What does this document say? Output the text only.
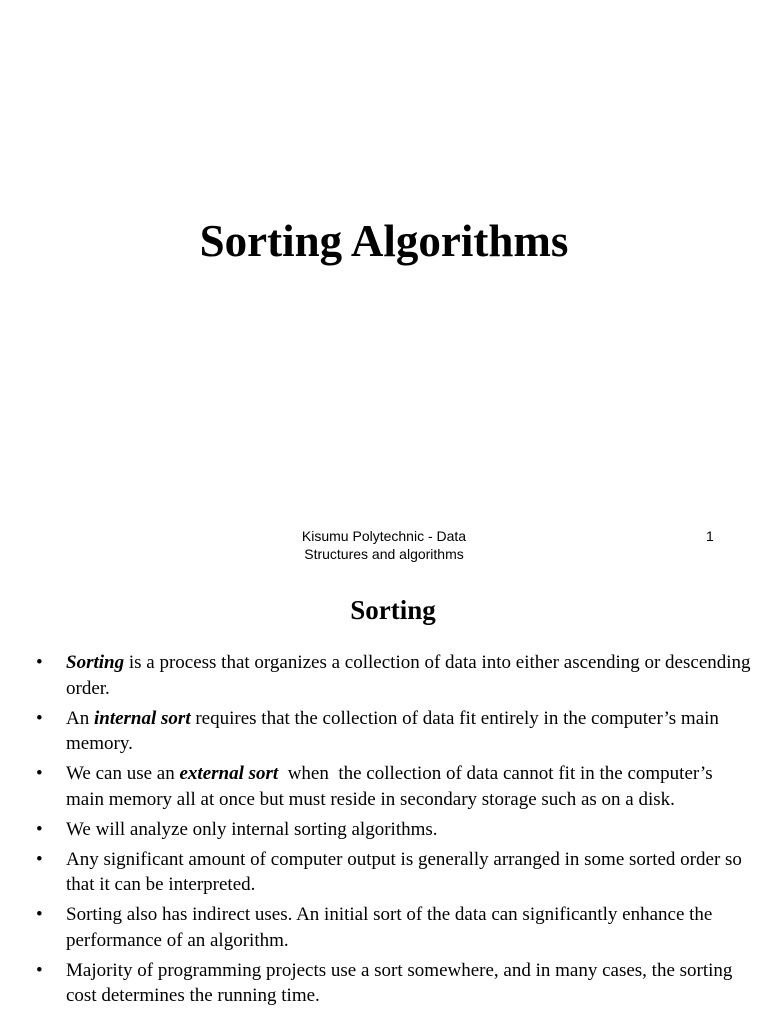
Sorting Algorithms
Kisumu Polytechnic - Data
Structures and algorithms
1
Sorting
• Sorting is a process that organizes a collection of data into either ascending or descending order.
• An internal sort requires that the collection of data fit entirely in the computer’s main memory.
• We can use an external sort  when  the collection of data cannot fit in the computer’s main memory all at once but must reside in secondary storage such as on a disk.
• We will analyze only internal sorting algorithms.
• Any significant amount of computer output is generally arranged in some sorted order so that it can be interpreted.
• Sorting also has indirect uses. An initial sort of the data can significantly enhance the performance of an algorithm.
• Majority of programming projects use a sort somewhere, and in many cases, the sorting cost determines the running time.
